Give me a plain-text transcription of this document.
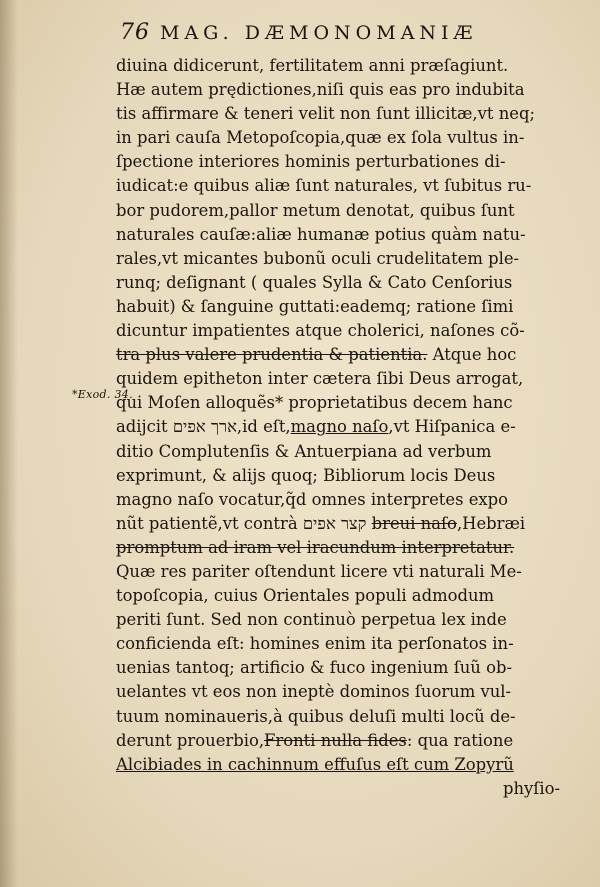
76 MAG. DÆMONOMANIÆ
*Exod. 34.
diuina didicerunt, fertilitatem anni præſagiunt.
Hæ autem prędictiones,niſi quis eas pro indubita
tis affirmare & teneri velit non ſunt illicitæ,vt neq;
in pari cauſa Metopoſcopia,quæ ex ſola vultus in-
ſpectione interiores hominis perturbationes di-
iudicat:e quibus aliæ ſunt naturales, vt ſubitus ru-
bor pudorem,pallor metum denotat, quibus ſunt
naturales cauſæ:aliæ humanæ potius quàm natu-
rales,vt micantes bubonũ oculi crudelitatem ple-
runq; deſignant ( quales Sylla & Cato Cenſorius
habuit) & ſanguine guttati:eademq; ratione ſimi
dicuntur impatientes atque cholerici, naſones cõ-
tra plus valere prudentia & patientia. Atque hoc
quidem epitheton inter cætera ſibi Deus arrogat,
qui Moſen alloquẽs* proprietatibus decem hanc
adijcit ארך אפים,id eſt,magno naſo,vt Hiſpanica e-
ditio Complutenſis & Antuerpiana ad verbum
exprimunt, & alijs quoq; Bibliorum locis Deus
magno naſo vocatur,q̃d omnes interpretes expo
nũt patientẽ,vt contrà קצר אפים breui naſo,Hebræi
promptum ad iram vel iracundum interpretatur.
Quæ res pariter oſtendunt licere vti naturali Me-
topoſcopia, cuius Orientales populi admodum
periti ſunt. Sed non continuò perpetua lex inde
conficienda eſt: homines enim ita perſonatos in-
uenias tantoq; artificio & fuco ingenium ſuũ ob-
uelantes vt eos non ineptè dominos ſuorum vul-
tuum nominaueris,à quibus deluſi multi locũ de-
derunt prouerbio,Fronti nulla fides: qua ratione
Alcibiades in cachinnum effuſus eſt cum Zopyrũ
phyſio-
